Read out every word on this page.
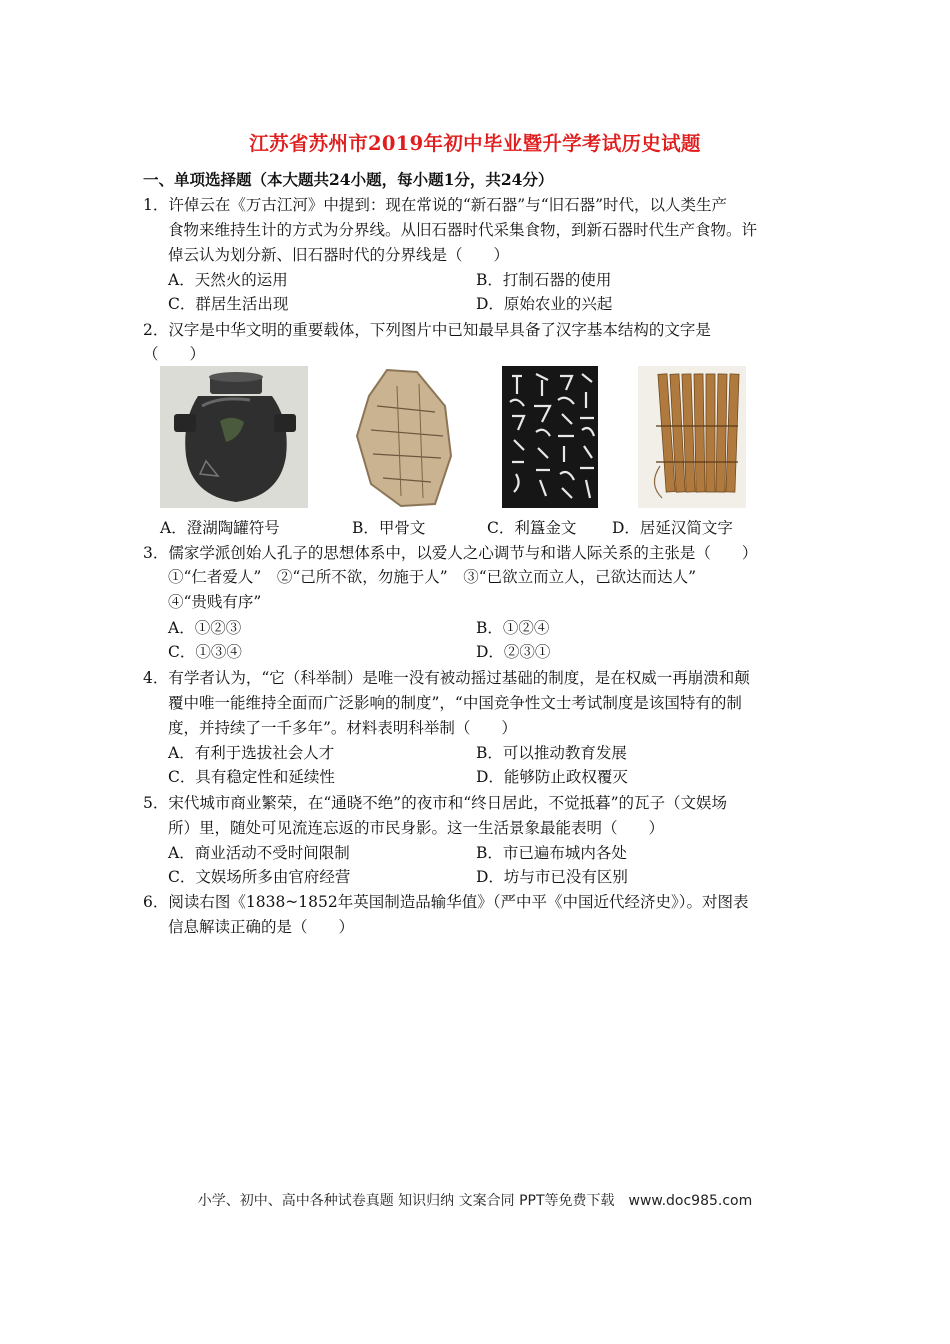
江苏省苏州市2019年初中毕业暨升学考试历史试题
一、单项选择题（本大题共24小题，每小题1分，共24分）
1．许倬云在《万古江河》中提到：现在常说的“新石器”与“旧石器”时代，以人类生产
食物来维持生计的方式为分界线。从旧石器时代采集食物，到新石器时代生产食物。许
倬云认为划分新、旧石器时代的分界线是（　　）
A．天然火的运用	B．打制石器的使用
C．群居生活出现	D．原始农业的兴起
2．汉字是中华文明的重要载体，下列图片中已知最早具备了汉字基本结构的文字是
（　　）
A．澄湖陶罐符号	B．甲骨文	C．利簋金文 D．居延汉简文字
3．儒家学派创始人孔子的思想体系中，以爱人之心调节与和谐人际关系的主张是（　　）
①“仁者爱人”　②“己所不欲，勿施于人”　③“已欲立而立人，己欲达而达人”
④“贵贱有序”
A．①②③	B．①②④
C．①③④	D．②③①
4．有学者认为，“它（科举制）是唯一没有被动摇过基础的制度，是在权威一再崩溃和颠
覆中唯一能维持全面而广泛影响的制度”，“中国竞争性文士考试制度是该国特有的制
度，并持续了一千多年”。材料表明科举制（　　）
A．有利于选拔社会人才	B．可以推动教育发展
C．具有稳定性和延续性	D．能够防止政权覆灭
5．宋代城市商业繁荣，在“通晓不绝”的夜市和“终日居此，不觉抵暮”的瓦子（文娱场
所）里，随处可见流连忘返的市民身影。这一生活景象最能表明（　　）
A．商业活动不受时间限制	B．市已遍布城内各处
C．文娱场所多由官府经营	D．坊与市已没有区别
6．阅读右图《1838~1852年英国制造品输华值》（严中平《中国近代经济史》）。对图表
信息解读正确的是（　　）
小学、初中、高中各种试卷真题 知识归纳 文案合同 PPT等免费下载　www.doc985.com
